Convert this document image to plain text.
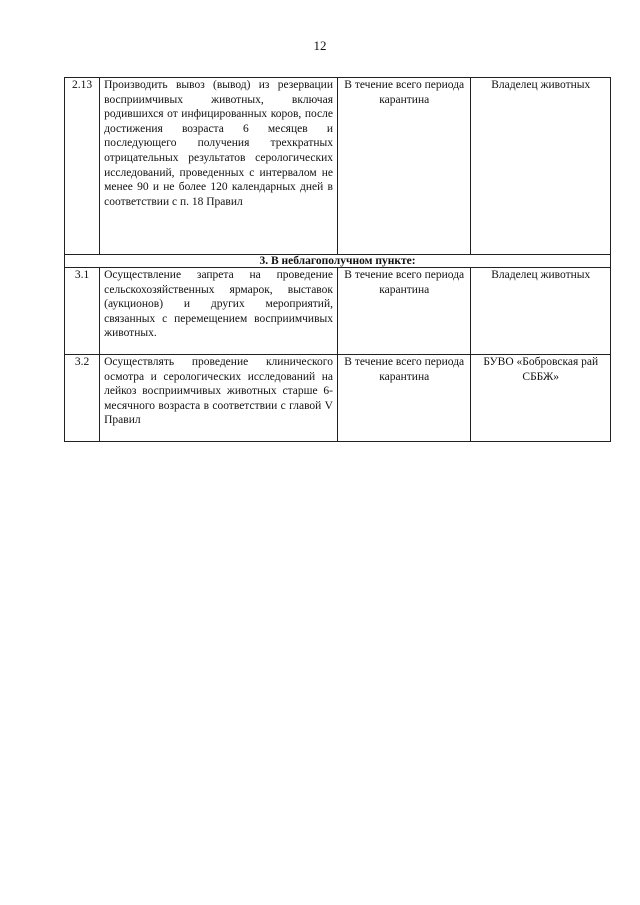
12
2.13	Производить вывоз (вывод) из резервации восприимчивых животных, включая родившихся от инфицированных коров, после достижения возраста 6 месяцев и последующего получения трехкратных отрицательных результатов серологических исследований, проведенных с интервалом не менее 90 и не более 120 календарных дней в соответствии с п. 18 Правил	В течение всего периода карантина	Владелец животных
3. В неблагополучном пункте:			
3.1	Осуществление запрета на проведение сельскохозяйственных ярмарок, выставок (аукционов) и других мероприятий, связанных с перемещением восприимчивых животных.	В течение всего периода карантина	Владелец животных
3.2	Осуществлять проведение клинического осмотра и серологических исследований на лейкоз восприимчивых животных старше 6-месячного возраста в соответствии с главой V Правил	В течение всего периода карантина	БУВО «Бобровская рай СББЖ»
